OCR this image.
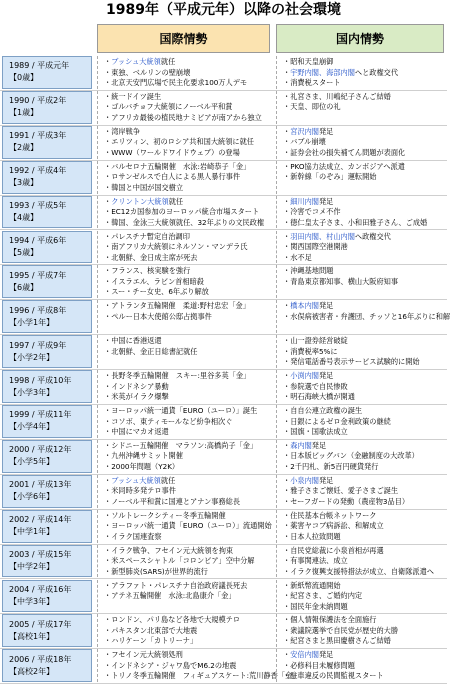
1989年（平成元年）以降の社会環境
国際情勢	国内情勢
1989 / 平成元年
【0歳】
・ ブッシュ大統領就任
・ 東独、ベルリンの壁崩壊
・ 北京天安門広場で民主化要求100万人デモ
・ 昭和天皇崩御
・ 宇野内閣、海部内閣へと政権交代
・ 消費税スタート
1990 / 平成2年
【1歳】
・ 統一ドイツ誕生
・ ゴルバチョフ大統領にノーベル平和賞
・ アフリカ最後の植民地ナミビアが南アから独立
・ 礼宮さま、川嶋紀子さんご結婚
・ 天皇、即位の礼
1991 / 平成3年
【2歳】
・ 湾岸戦争
・ エリツィン、初のロシア共和国大統領に就任
・ WWW（ワールドワイドウェブ）の登場
・ 宮沢内閣発足
・ バブル崩壊
・ 証券会社の損失補てん問題が表面化
1992 / 平成4年
【3歳】
・ バルセロナ五輪開催　水泳:岩崎恭子「金」
・ ロサンゼルスで白人による黒人暴行事件
・ 韓国と中国が国交樹立
・ PKO協力法成立、カンボジアへ派遣
・ 新幹線「のぞみ」運転開始
1993 / 平成5年
【4歳】
・ クリントン大統領就任
・ EC12カ国参加のヨーロッパ統合市場スタート
・ 韓国、金泳三大統領就任、32年ぶりの文民政権
・ 細川内閣発足
・ 冷害でコメ不作
・ 徳仁皇太子さま、小和田雅子さん、ご成婚
1994 / 平成6年
【5歳】
・ パレスチナ暫定自治調印
・ 南アフリカ大統領にネルソン・マンデラ氏
・ 北朝鮮、金日成主席が死去
・ 羽田内閣、村山内閣へ政権交代
・ 関西国際空港開港
・ 水不足
1995 / 平成7年
【6歳】
・ フランス、核実験を強行
・ イスラエル、ラビン首相暗殺
・ スー・チー女史、6年ぶり解放
・ 沖縄基地問題
・ 青島東京都知事、横山大阪府知事
1996 / 平成8年
【小学1年】
・ アトランタ五輪開催　柔道:野村忠宏「金」
・ ペルー日本大使館公邸占拠事件
・ 橋本内閣発足
・ 水俣病被害者・弁護団、チッソと16年ぶりに和解
1997 / 平成9年
【小学2年】
・ 中国に香港返還
・ 北朝鮮、金正日総書記就任
・ 山一證券経営破綻
・ 消費税率5%に
・ 発信電話番号表示サービス試験的に開始
1998 / 平成10年
【小学3年】
・ 長野冬季五輪開催　スキー:里谷多英「金」
・ インドネシア暴動
・ 米英がイラク爆撃
・ 小渕内閣発足
・ 参院選で自民惨敗
・ 明石海峡大橋が開通
1999 / 平成11年
【小学4年】
・ ヨーロッパ統一通貨「EURO（ユーロ）」誕生
・ コソボ、東ティモールなど紛争相次ぐ
・ 中国にマカオ返還
・ 自自公連立政権の誕生
・ 日銀によるゼロ金利政策の継続
・ 国旗・国歌法成立
2000 / 平成12年
【小学5年】
・ シドニー五輪開催　マラソン:高橋尚子「金」
・ 九州沖縄サミット開催
・ 2000年問題（Y2K）
・ 森内閣発足
・ 日本版ビッグバン（金融制度の大改革）
・ 2千円札、新5百円硬貨発行
2001 / 平成13年
【小学6年】
・ ブッシュ大統領就任
・ 米同時多発テロ事件
・ ノーベル平和賞に国連とアナン事務総長
・ 小泉内閣発足
・ 雅子さまご懐妊、愛子さまご誕生
・ セーフガードの発動（農産物3品目）
2002 / 平成14年
【中学1年】
・ ソルトレークシティー冬季五輪開催
・ ヨーロッパ統一通貨「EURO（ユーロ）」流通開始
・ イラク国連査察
・ 住民基本台帳ネットワーク
・ 薬害ヤコブ病訴訟、和解成立
・ 日本人拉致問題
2003 / 平成15年
【中学2年】
・ イラク戦争、フセイン元大統領を拘束
・ 米スペースシャトル「コロンビア」空中分解
・ 新型肺炎(SARS)が世界的流行
・ 自民党総裁に小泉首相が再選
・ 有事関連法、成立
・ イラク復興支援特措法が成立、自衛隊派遣へ
2004 / 平成16年
【中学3年】
・ アラファト・パレスチナ自治政府議長死去
・ アテネ五輪開催　水泳:北島康介「金」
・ 新紙幣流通開始
・ 紀宮さま、ご婚約内定
・ 国民年金未納問題
2005 / 平成17年
【高校1年】
・ ロンドン、パリ島など各地で大規模テロ
・ パキスタン北東部で大地震
・ ハリケーン「カトリーナ」
・ 個人情報保護法を全面施行
・ 衆議院選挙で自民党が歴史的大勝
・ 紀宮さまと黒田慶樹さんご結婚
2006 / 平成18年
【高校2年】
・ フセイン元大統領処刑
・ インドネシア・ジャワ島でM6.2の地震
・ トリノ冬季五輪開催　フィギュアスケート:荒川静香「金」
・ 安倍内閣発足
・ 必修科目未履修問題
・ 駐車違反の民間監視スタート
